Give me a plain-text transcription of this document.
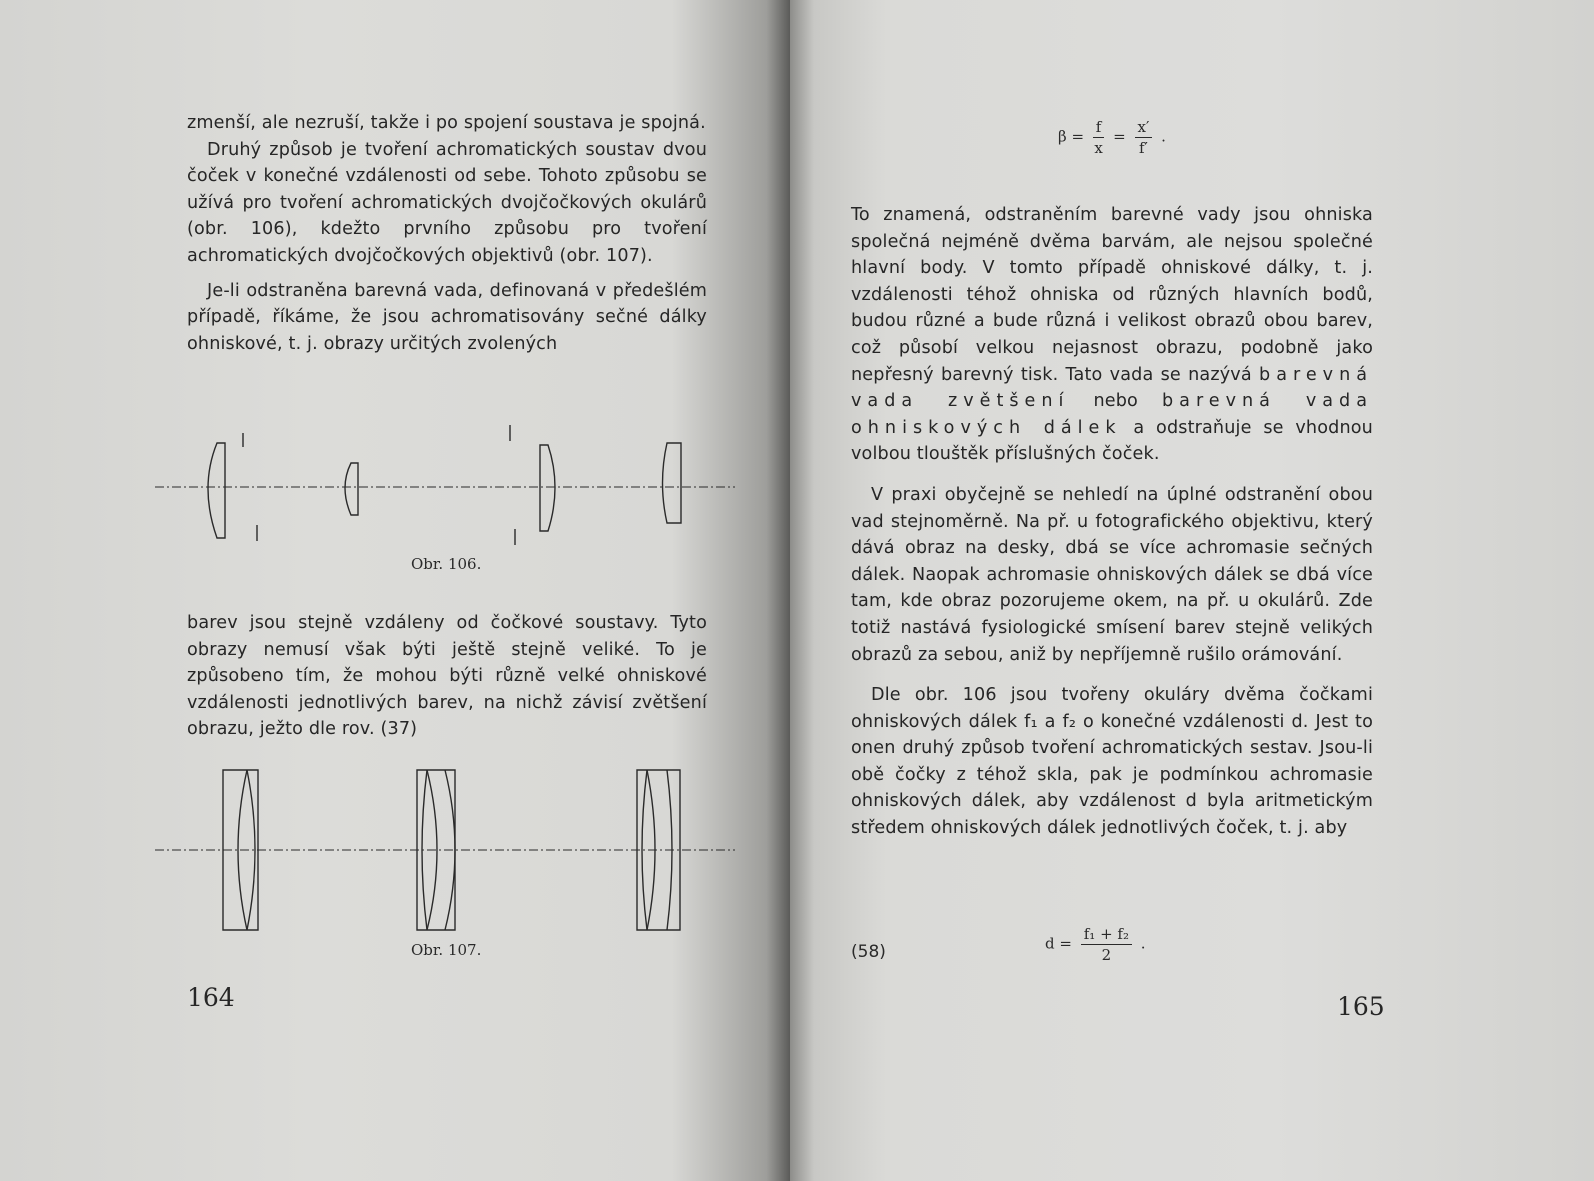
zmenší, ale nezruší, takže i po spojení soustava je spojná.

Druhý způsob je tvoření achromatických soustav dvou čoček v konečné vzdálenosti od sebe. Tohoto způsobu se užívá pro tvoření achromatických dvojčočkových okulárů (obr. 106), kdežto prvního způsobu pro tvoření achromatických dvojčočkových objektivů (obr. 107).

Je-li odstraněna barevná vada, definovaná v předešlém případě, říkáme, že jsou achromatisovány sečné dálky ohniskové, t. j. obrazy určitých zvolených

Obr. 106.

barev jsou stejně vzdáleny od čočkové soustavy. Tyto obrazy nemusí však býti ještě stejně veliké. To je způsobeno tím, že mohou býti různě velké ohniskové vzdálenosti jednotlivých barev, na nichž závisí zvětšení obrazu, ježto dle rov. (37)

Obr. 107.
164
$\beta = \frac{f}{x} = \frac{x'}{f'}$ .

To znamená, odstraněním barevné vady jsou ohniska společná nejméně dvěma barvám, ale nejsou společné hlavní body. V tomto případě ohniskové dálky, t. j. vzdálenosti téhož ohniska od různých hlavních bodů, budou různé a bude různá i velikost obrazů obou barev, což působí velkou nejasnost obrazu, podobně jako nepřesný barevný tisk. Tato vada se nazývá barevná vada zvětšení nebo barevná vada ohniskových dálek a odstraňuje se vhodnou volbou tlouštěk příslušných čoček.

V praxi obyčejně se nehledí na úplné odstranění obou vad stejnoměrně. Na př. u fotografického objektivu, který dává obraz na desky, dbá se více achromasie sečných dálek. Naopak achromasie ohniskových dálek se dbá více tam, kde obraz pozorujeme okem, na př. u okulárů. Zde totiž nastává fysiologické smísení barev stejně velikých obrazů za sebou, aniž by nepříjemně rušilo orámování.

Dle obr. 106 jsou tvořeny okuláry dvěma čočkami ohniskových dálek f₁ a f₂ o konečné vzdálenosti d. Jest to onen druhý způsob tvoření achromatických sestav. Jsou-li obě čočky z téhož skla, pak je podmínkou achromasie ohniskových dálek, aby vzdálenost d byla aritmetickým středem ohniskových dálek jednotlivých čoček, t. j. aby

(58)	$d = \frac{\text{f₁ + f₂}}{2}$ .
165
